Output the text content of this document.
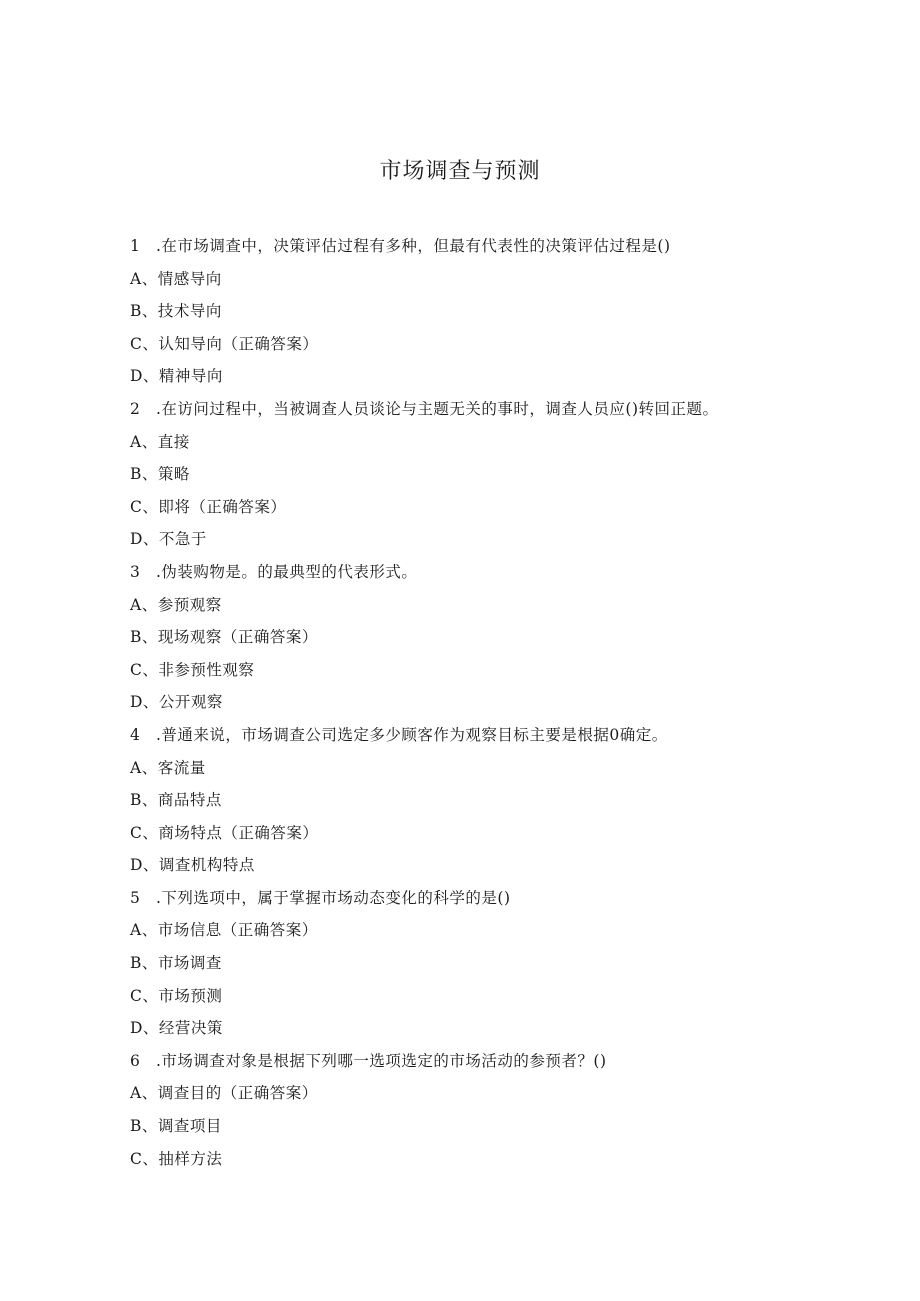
市场调查与预测
1 .在市场调查中，决策评估过程有多种，但最有代表性的决策评估过程是()
A、情感导向
B、技术导向
C、认知导向（正确答案）
D、精神导向
2 .在访问过程中，当被调查人员谈论与主题无关的事时，调查人员应()转回正题。
A、直接
B、策略
C、即将（正确答案）
D、不急于
3 .伪装购物是。的最典型的代表形式。
A、参预观察
B、现场观察（正确答案）
C、非参预性观察
D、公开观察
4 .普通来说，市场调查公司选定多少顾客作为观察目标主要是根据0确定。
A、客流量
B、商品特点
C、商场特点（正确答案）
D、调查机构特点
5 .下列选项中，属于掌握市场动态变化的科学的是()
A、市场信息（正确答案）
B、市场调查
C、市场预测
D、经营决策
6 .市场调查对象是根据下列哪一选项选定的市场活动的参预者？()
A、调查目的（正确答案）
B、调查项目
C、抽样方法
